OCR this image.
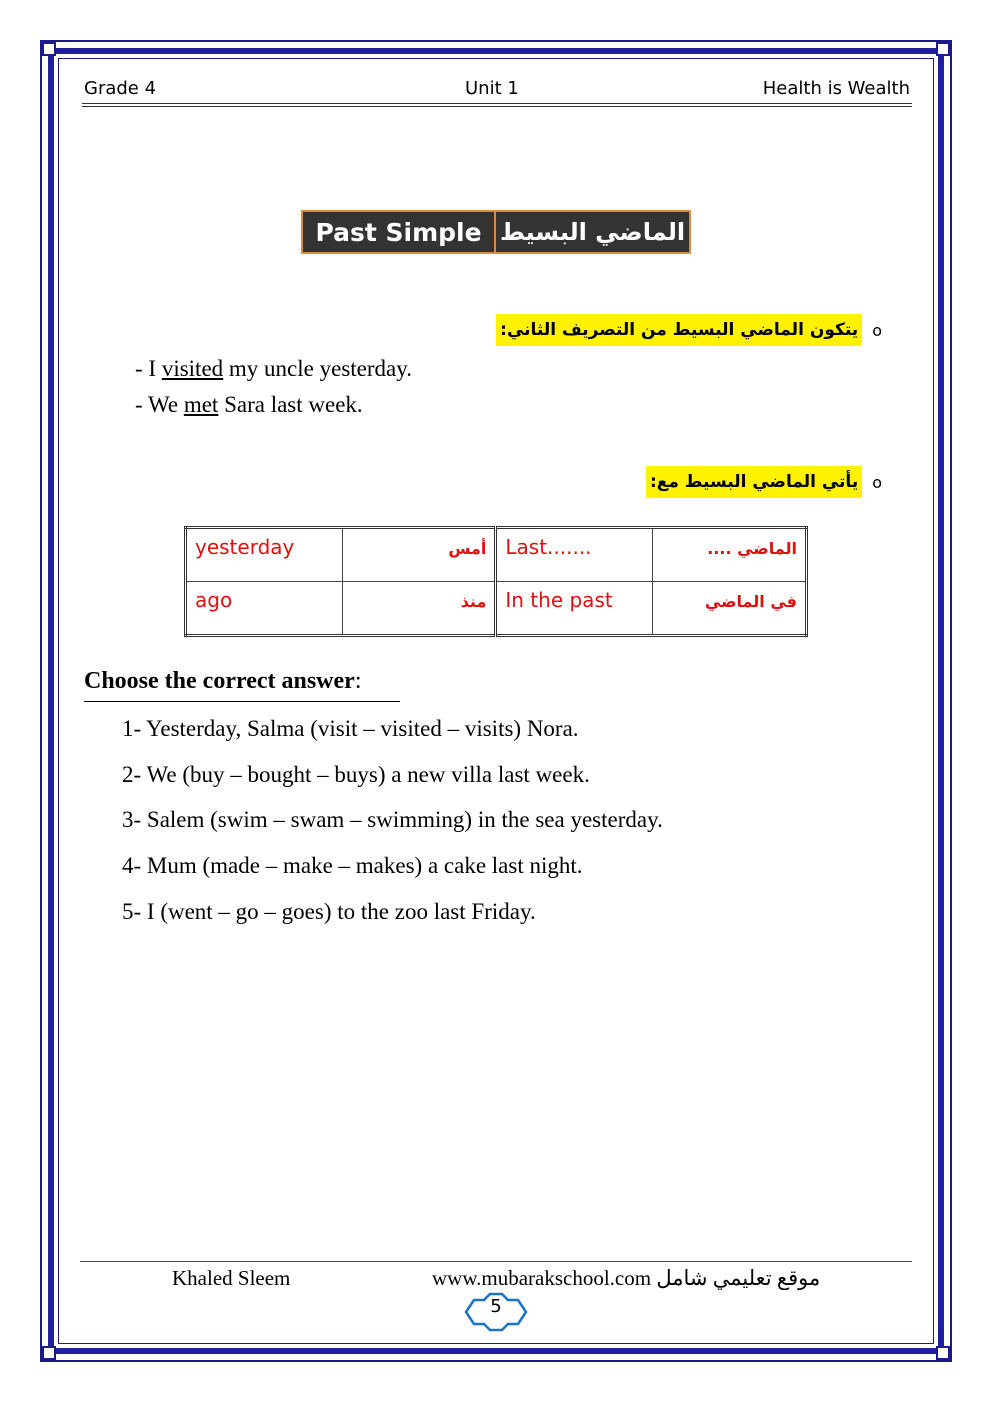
Grade 4	Unit 1	Health is Wealth
Past Simple الماضي البسيط
o
يتكون الماضي البسيط من التصريف الثاني:
- I visited my uncle yesterday.
- We met Sara last week.
o
يأتي الماضي البسيط مع:
yesterday	أمس	Last.......	الماضي ....
ago	منذ	In the past	في الماضي
Choose the correct answer:
1- Yesterday, Salma (visit – visited – visits) Nora.
2- We (buy – bought – buys) a new villa last week.
3- Salem (swim – swam – swimming) in the sea yesterday.
4- Mum (made – make – makes) a cake last night.
5- I (went – go – goes) to the zoo last Friday.
Khaled Sleem	www.mubarakschool.com موقع تعليمي شامل
5
